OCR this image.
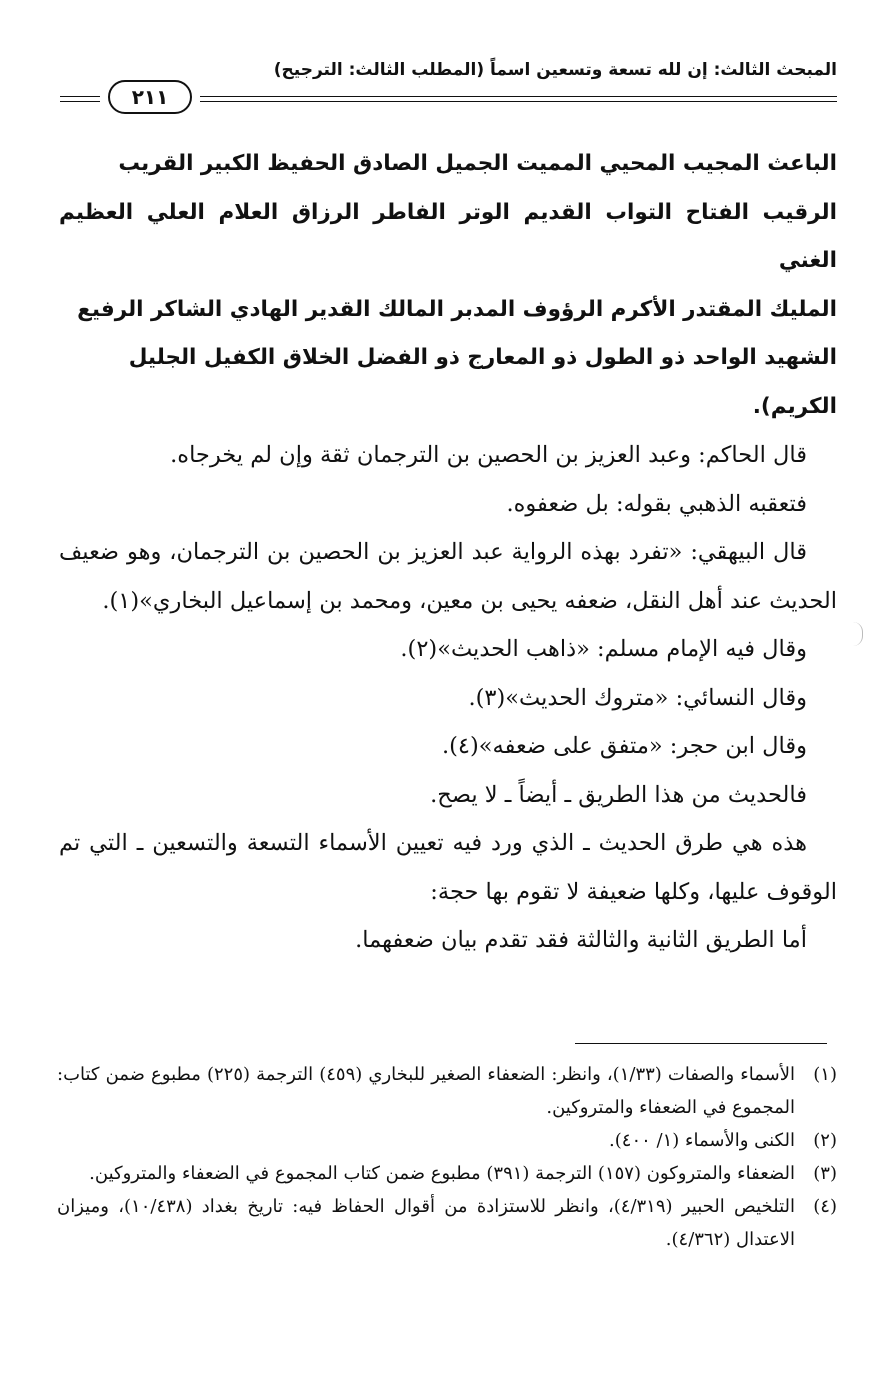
المبحث الثالث: إن لله تسعة وتسعين اسماً (المطلب الثالث: الترجيح)
٢١١

الباعث المجيب المحيي المميت الجميل الصادق الحفيظ الكبير القريب

الرقيب الفتاح التواب القديم الوتر الفاطر الرزاق العلام العلي العظيم الغني

المليك المقتدر الأكرم الرؤوف المدبر المالك القدير الهادي الشاكر الرفيع

الشهيد الواحد ذو الطول ذو المعارج ذو الفضل الخلاق الكفيل الجليل

الكريم).

قال الحاكم: وعبد العزيز بن الحصين بن الترجمان ثقة وإن لم يخرجاه.

فتعقبه الذهبي بقوله: بل ضعفوه.

قال البيهقي: «تفرد بهذه الرواية عبد العزيز بن الحصين بن الترجمان، وهو ضعيف الحديث عند أهل النقل، ضعفه يحيى بن معين، ومحمد بن إسماعيل البخاري»(١).

وقال فيه الإمام مسلم: «ذاهب الحديث»(٢).

وقال النسائي: «متروك الحديث»(٣).

وقال ابن حجر: «متفق على ضعفه»(٤).

فالحديث من هذا الطريق ـ أيضاً ـ لا يصح.

هذه هي طرق الحديث ـ الذي ورد فيه تعيين الأسماء التسعة والتسعين ـ التي تم الوقوف عليها، وكلها ضعيفة لا تقوم بها حجة:

أما الطريق الثانية والثالثة فقد تقدم بيان ضعفهما.

(١)
الأسماء والصفات (١/٣٣)، وانظر: الضعفاء الصغير للبخاري (٤٥٩) الترجمة (٢٢٥) مطبوع ضمن كتاب: المجموع في الضعفاء والمتروكين.
(٢)
الكنى والأسماء (١/ ٤٠٠).
(٣)
الضعفاء والمتروكون (١٥٧) الترجمة (٣٩١) مطبوع ضمن كتاب المجموع في الضعفاء والمتروكين.
(٤)
التلخيص الحبير (٤/٣١٩)، وانظر للاستزادة من أقوال الحفاظ فيه: تاريخ بغداد (١٠/٤٣٨)، وميزان الاعتدال (٤/٣٦٢).
